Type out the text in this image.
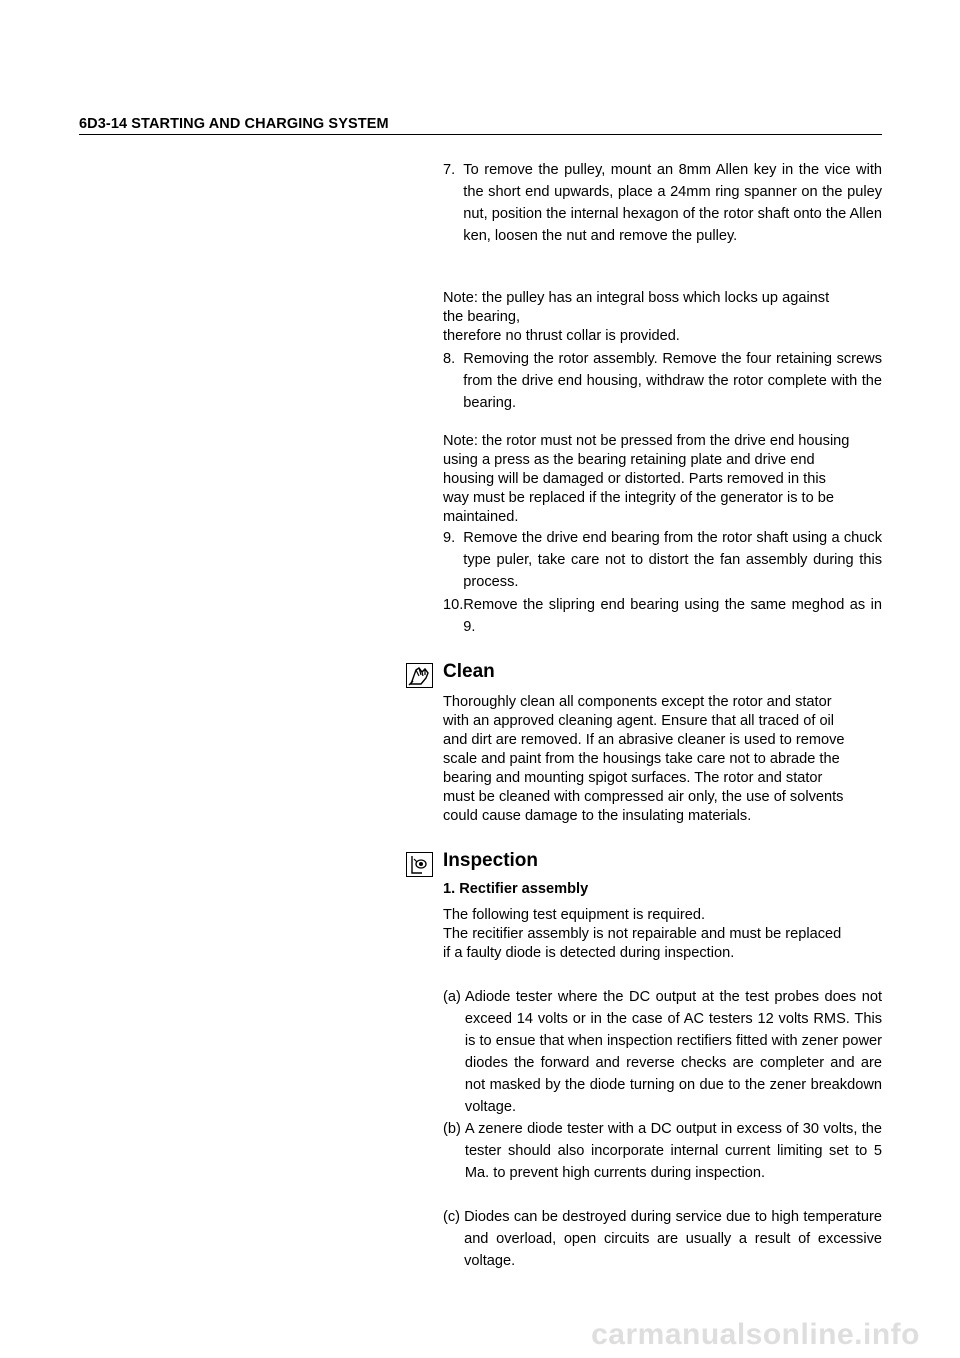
6D3-14 STARTING AND CHARGING SYSTEM
7. To remove the pulley, mount an 8mm Allen key in the vice with the short end upwards, place a 24mm ring spanner on the puley nut, position the internal hexagon of the rotor shaft onto the Allen ken, loosen the nut and remove the pulley.
Note: the pulley has an integral boss which locks up against
the bearing,
therefore no thrust collar is provided.
8. Removing the rotor assembly. Remove the four retaining screws from the drive end housing, withdraw the rotor complete with the bearing.
Note: the rotor must not be pressed from the drive end housing
using a press as the bearing retaining plate and drive end
housing will be damaged or distorted. Parts removed in this
way must be replaced if the integrity of the generator is to be
maintained.
9. Remove the drive end bearing from the rotor shaft using a chuck type puler, take care not to distort the fan assembly during this process.
10. Remove the slipring end bearing using the same meghod as in 9.
Clean
Thoroughly clean all components except the rotor and stator
with an approved cleaning agent. Ensure that all traced of oil
and dirt are removed. If an abrasive cleaner is used to remove
scale and paint from the housings take care not to abrade the
bearing and mounting spigot surfaces. The rotor and stator
must be cleaned with compressed air only, the use of solvents
could cause damage to the insulating materials.
Inspection
1. Rectifier assembly
The following test equipment is required.
The recitifier assembly is not repairable and must be replaced
if a faulty diode is detected during inspection.
(a) Adiode tester where the DC output at the test probes does not exceed 14 volts or in the case of AC testers 12 volts RMS. This is to ensue that when inspection rectifiers fitted with zener power diodes the forward and reverse checks are completer and are not masked by the diode turning on due to the zener breakdown voltage.
(b) A zenere diode tester with a DC output in excess of 30 volts, the tester should also incorporate internal current limiting set to 5 Ma. to prevent high currents during inspection.
(c) Diodes can be destroyed during service due to high temperature and overload, open circuits are usually a result of excessive voltage.
carmanualsonline.info
